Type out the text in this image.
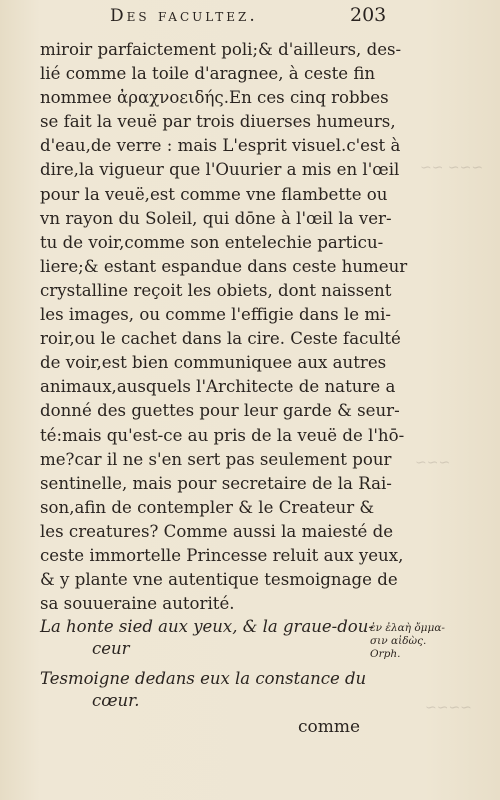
~~~ ~~
~~~
~~~~
Des facultez.	203
miroir parfaictement poli;& d'ailleurs, des-
lié comme la toile d'aragnee, à ceste fin
nommee ἀραχνοειδής.En ces cinq robbes
se fait la veuë par trois diuerses humeurs,
d'eau,de verre : mais L'esprit visuel.c'est à
dire,la vigueur que l'Ouurier a mis en l'œil
pour la veuë,est comme vne flambette ou
vn rayon du Soleil, qui dōne à l'œil la ver-
tu de voir,comme son entelechie particu-
liere;& estant espandue dans ceste humeur
crystalline reçoit les obiets, dont naissent
les images, ou comme l'effigie dans le mi-
roir,ou le cachet dans la cire. Ceste faculté
de voir,est bien communiquee aux autres
animaux,ausquels l'Architecte de nature a
donné des guettes pour leur garde & seur-
té:mais qu'est-ce au pris de la veuë de l'hō-
me?car il ne s'en sert pas seulement pour
sentinelle, mais pour secretaire de la Rai-
son,afin de contempler & le Createur &
les creatures? Comme aussi la maiesté de
ceste immortelle Princesse reluit aux yeux,
& y plante vne autentique tesmoignage de
sa souueraine autorité.
La honte sied aux yeux, & la graue-dou-
ceur
Tesmoigne dedans eux la constance du
cœur.
ἐν ἐλαὴ ὄμμα-
σιν αἰδὼς.
Orph.
comme
